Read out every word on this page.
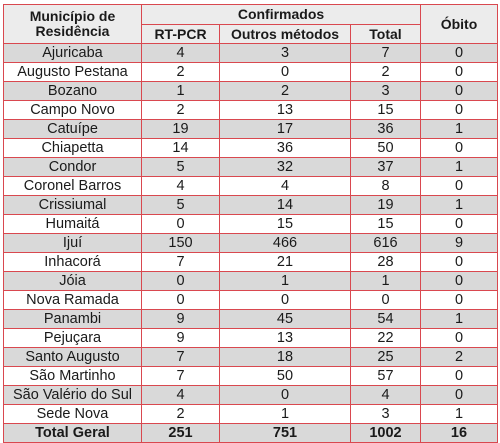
Município de Residência	Confirmados			Óbito
	RT-PCR	Outros métodos	Total	
Ajuricaba	4	3	7	0
Augusto Pestana	2	0	2	0
Bozano	1	2	3	0
Campo Novo	2	13	15	0
Catuípe	19	17	36	1
Chiapetta	14	36	50	0
Condor	5	32	37	1
Coronel Barros	4	4	8	0
Crissiumal	5	14	19	1
Humaitá	0	15	15	0
Ijuí	150	466	616	9
Inhacorá	7	21	28	0
Jóia	0	1	1	0
Nova Ramada	0	0	0	0
Panambi	9	45	54	1
Pejuçara	9	13	22	0
Santo Augusto	7	18	25	2
São Martinho	7	50	57	0
São Valério do Sul	4	0	4	0
Sede Nova	2	1	3	1
Total Geral	251	751	1002	16
